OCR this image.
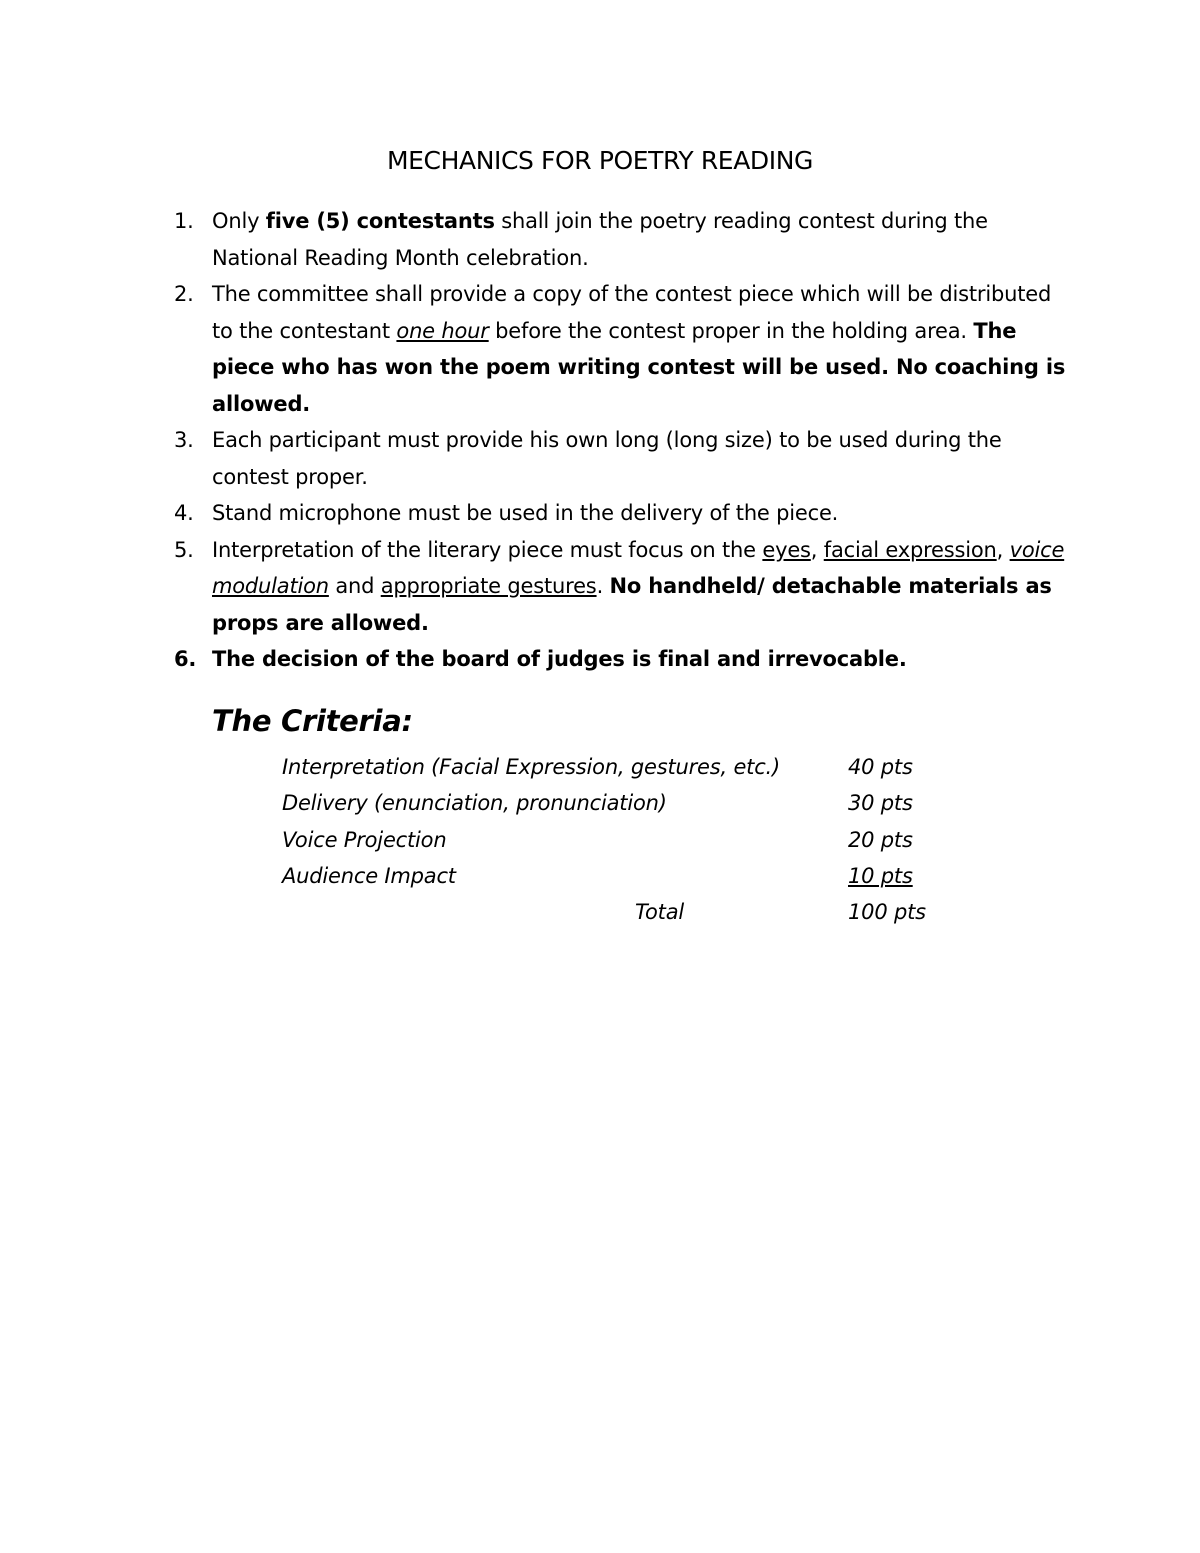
MECHANICS FOR POETRY READING
1. Only five (5) contestants shall join the poetry reading contest during the National Reading Month celebration.
2. The committee shall provide a copy of the contest piece which will be distributed to the contestant one hour before the contest proper in the holding area. The piece who has won the poem writing contest will be used. No coaching is allowed.
3. Each participant must provide his own long (long size) to be used during the contest proper.
4. Stand microphone must be used in the delivery of the piece.
5. Interpretation of the literary piece must focus on the eyes, facial expression, voice modulation and appropriate gestures. No handheld/ detachable materials as props are allowed.
6. The decision of the board of judges is final and irrevocable.
The Criteria:
Interpretation (Facial Expression, gestures, etc.)	40 pts
Delivery (enunciation, pronunciation)	30 pts
Voice Projection	20 pts
Audience Impact	10 pts
Total	100 pts
